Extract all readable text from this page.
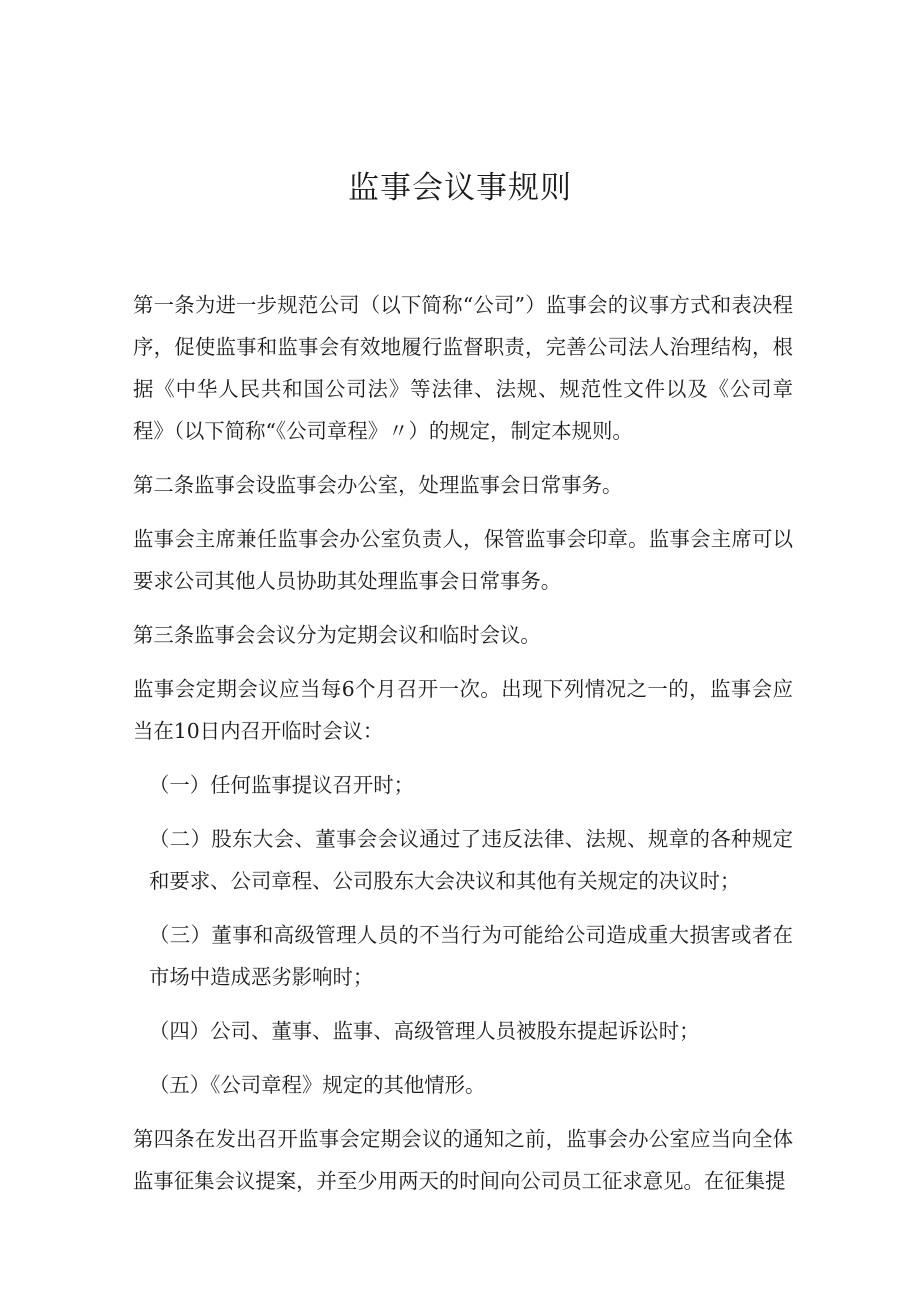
监事会议事规则

第一条为进一步规范公司（以下简称“公司”）监事会的议事方式和表决程序，促使监事和监事会有效地履行监督职责，完善公司法人治理结构，根据《中华人民共和国公司法》等法律、法规、规范性文件以及《公司章程》（以下简称“《公司章程》〃）的规定，制定本规则。

第二条监事会设监事会办公室，处理监事会日常事务。

监事会主席兼任监事会办公室负责人，保管监事会印章。监事会主席可以要求公司其他人员协助其处理监事会日常事务。

第三条监事会会议分为定期会议和临时会议。

监事会定期会议应当每6个月召开一次。出现下列情况之一的，监事会应当在10日内召开临时会议：

（一）任何监事提议召开时；

（二）股东大会、董事会会议通过了违反法律、法规、规章的各种规定和要求、公司章程、公司股东大会决议和其他有关规定的决议时；

（三）董事和高级管理人员的不当行为可能给公司造成重大损害或者在市场中造成恶劣影响时；

（四）公司、董事、监事、高级管理人员被股东提起诉讼时；

（五）《公司章程》规定的其他情形。

第四条在发出召开监事会定期会议的通知之前，监事会办公室应当向全体监事征集会议提案，并至少用两天的时间向公司员工征求意见。在征集提
